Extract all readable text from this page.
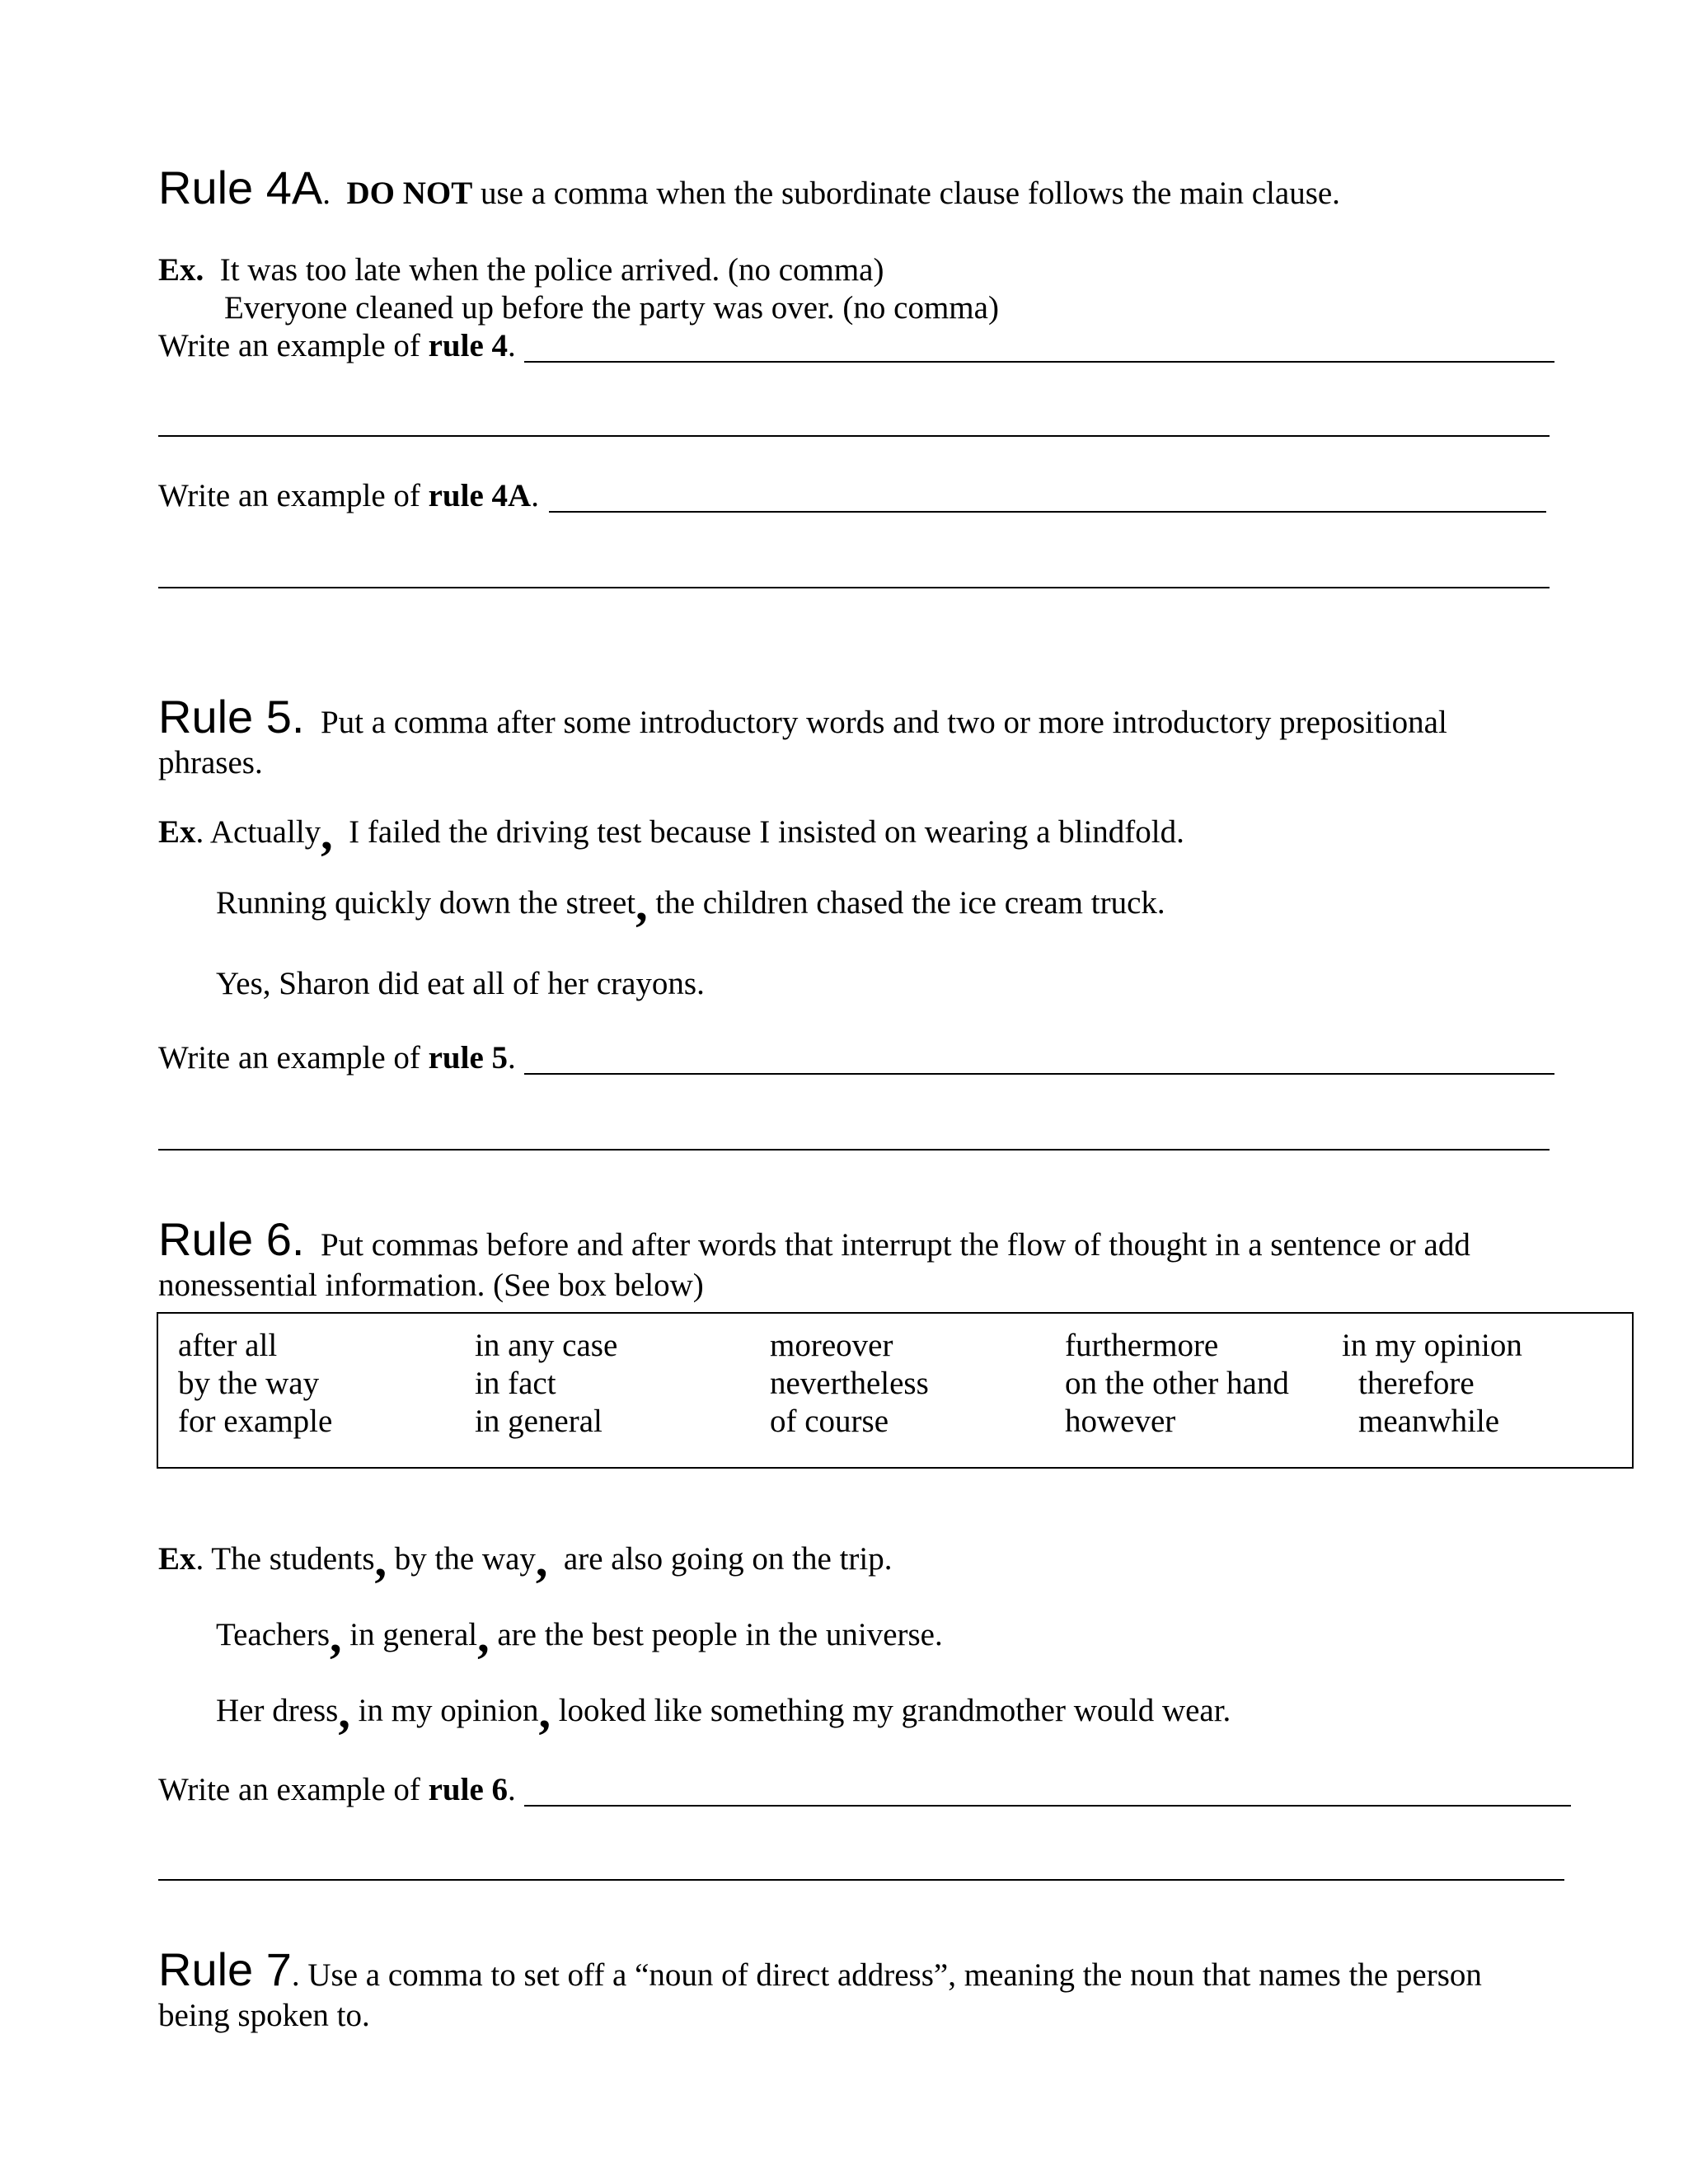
Rule 4A. DO NOT use a comma when the subordinate clause follows the main clause.
Ex. It was too late when the police arrived. (no comma)
Everyone cleaned up before the party was over. (no comma)
Write an example of rule 4.
Write an example of rule 4A.
Rule 5. Put a comma after some introductory words and two or more introductory prepositional
phrases.
Ex. Actually, I failed the driving test because I insisted on wearing a blindfold.
Running quickly down the street, the children chased the ice cream truck.
Yes, Sharon did eat all of her crayons.
Write an example of rule 5.
Rule 6. Put commas before and after words that interrupt the flow of thought in a sentence or add
nonessential information. (See box below)
after all
by the way
for example
in any case
in fact
in general
moreover
nevertheless
of course
furthermore
on the other hand
however
in my opinion
therefore
meanwhile
Ex. The students, by the way, are also going on the trip.
Teachers, in general, are the best people in the universe.
Her dress, in my opinion, looked like something my grandmother would wear.
Write an example of rule 6.
Rule 7. Use a comma to set off a “noun of direct address”, meaning the noun that names the person
being spoken to.
